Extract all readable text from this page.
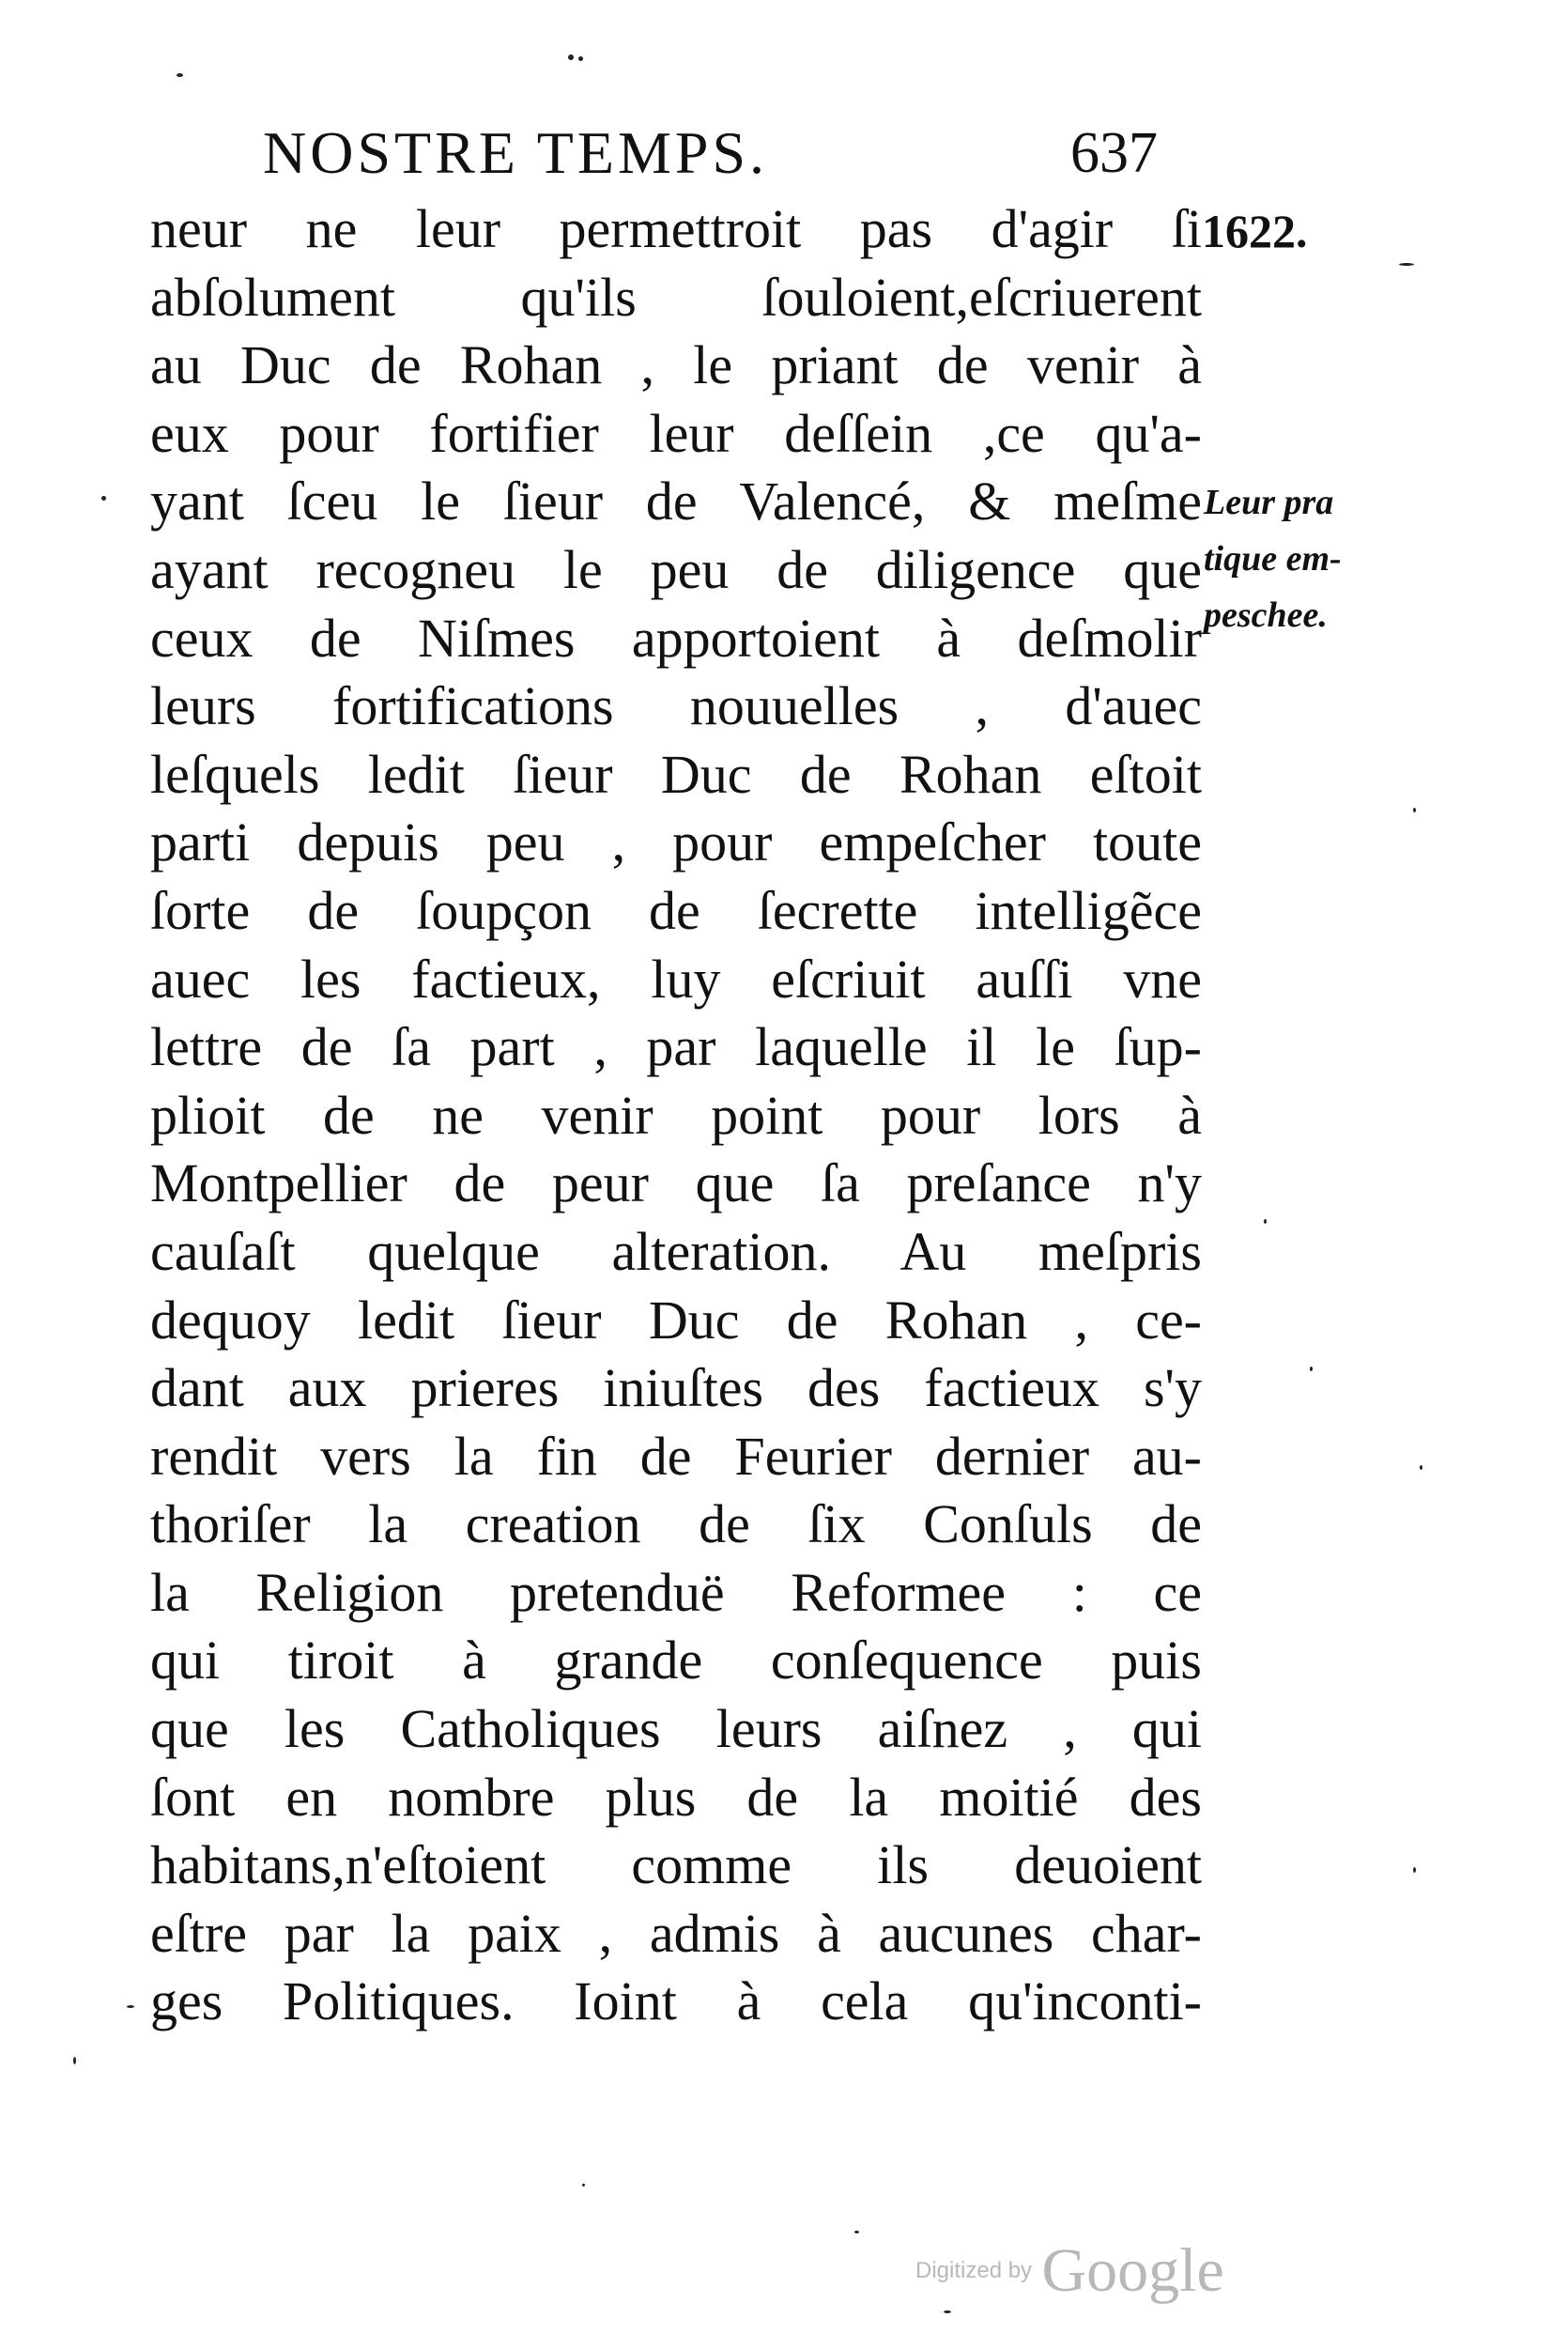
NOSTRE TEMPS.	637
1622.
Leur pra
tique em-
peschee.
neur ne leur permettroit pas d'agir ſi
abſolument qu'ils ſouloient,eſcriuerent
au Duc de Rohan , le priant de venir à
eux pour fortifier leur deſſein ,ce qu'a-
yant ſceu le ſieur de Valencé, & meſme
ayant recogneu le peu de diligence que
ceux de Niſmes apportoient à deſmolir
leurs fortifications nouuelles , d'auec
leſquels ledit ſieur Duc de Rohan eſtoit
parti depuis peu , pour empeſcher toute
ſorte de ſoupçon de ſecrette intelligẽce
auec les factieux, luy eſcriuit auſſi vne
lettre de ſa part , par laquelle il le ſup-
plioit de ne venir point pour lors à
Montpellier de peur que ſa preſance n'y
cauſaſt quelque alteration. Au meſpris
dequoy ledit ſieur Duc de Rohan , ce-
dant aux prieres iniuſtes des factieux s'y
rendit vers la fin de Feurier dernier au-
thoriſer la creation de ſix Conſuls de
la Religion pretenduë Reformee : ce
qui tiroit à grande conſequence puis
que les Catholiques leurs aiſnez , qui
ſont en nombre plus de la moitié des
habitans,n'eſtoient comme ils deuoient
eſtre par la paix , admis à aucunes char-
ges Politiques. Ioint à cela qu'inconti-
Digitized by Google
